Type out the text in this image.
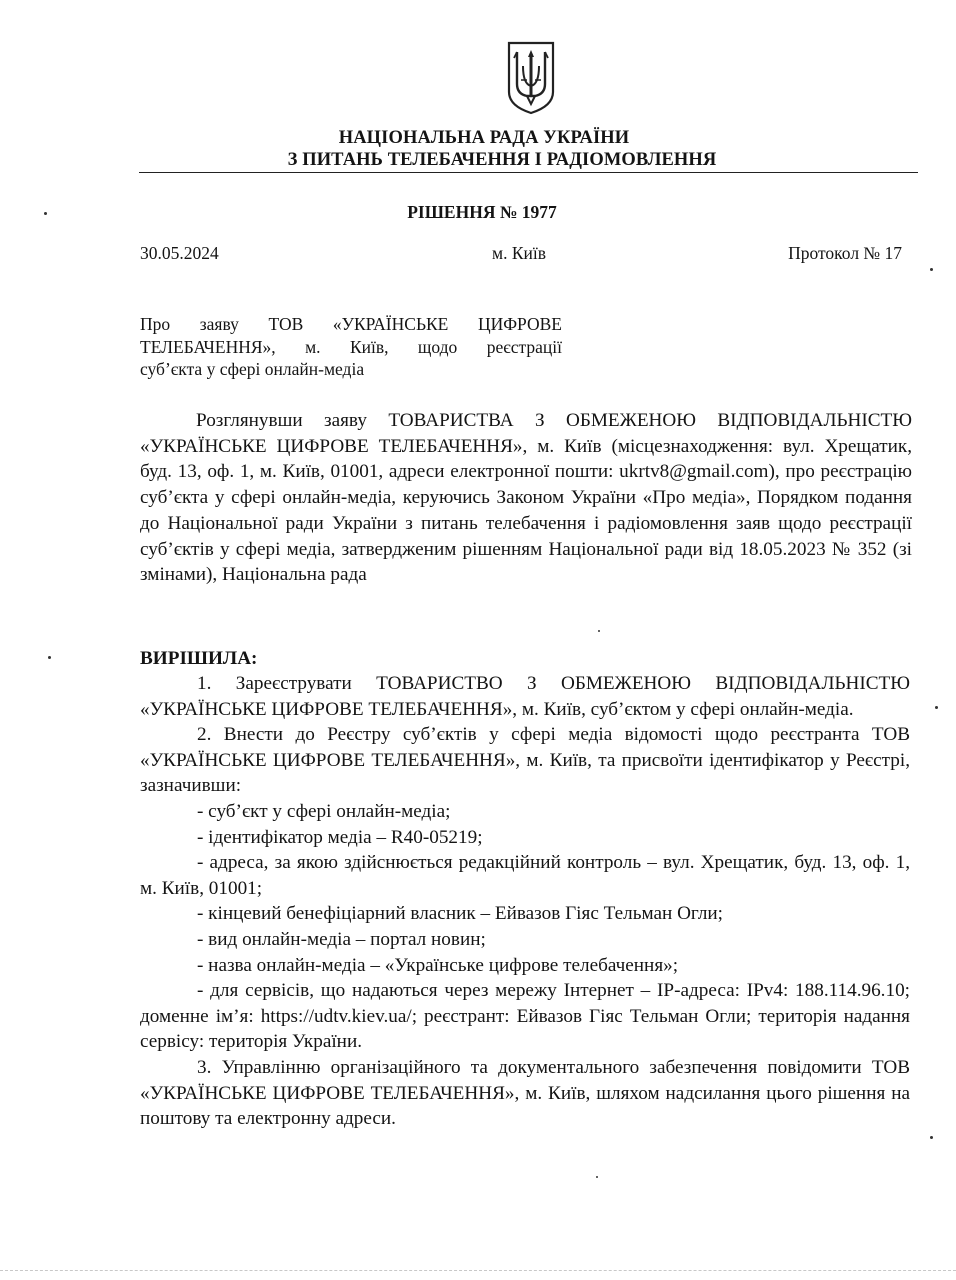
НАЦІОНАЛЬНА РАДА УКРАЇНИ
З ПИТАНЬ ТЕЛЕБАЧЕННЯ І РАДІОМОВЛЕННЯ
РІШЕННЯ № 1977
30.05.2024	м. Київ	Протокол № 17
Про заяву ТОВ «УКРАЇНСЬКЕ ЦИФРОВЕ
ТЕЛЕБАЧЕННЯ», м. Київ, щодо реєстрації
суб’єкта у сфері онлайн-медіа

Розглянувши заяву ТОВАРИСТВА З ОБМЕЖЕНОЮ ВІДПОВІДАЛЬНІСТЮ «УКРАЇНСЬКЕ ЦИФРОВЕ ТЕЛЕБАЧЕННЯ», м. Київ (місцезнаходження: вул. Хрещатик, буд. 13, оф. 1, м. Київ, 01001, адреси електронної пошти: ukrtv8@gmail.com), про реєстрацію суб’єкта у сфері онлайн-медіа, керуючись Законом України «Про медіа», Порядком подання до Національної ради України з питань телебачення і радіомовлення заяв щодо реєстрації суб’єктів у сфері медіа, затвердженим рішенням Національної ради від 18.05.2023 № 352 (зі змінами), Національна рада

ВИРІШИЛА:

1. Зареєструвати ТОВАРИСТВО З ОБМЕЖЕНОЮ ВІДПОВІДАЛЬНІСТЮ «УКРАЇНСЬКЕ ЦИФРОВЕ ТЕЛЕБАЧЕННЯ», м. Київ, суб’єктом у сфері онлайн-медіа.

2. Внести до Реєстру суб’єктів у сфері медіа відомості щодо реєстранта ТОВ «УКРАЇНСЬКЕ ЦИФРОВЕ ТЕЛЕБАЧЕННЯ», м. Київ, та присвоїти ідентифікатор у Реєстрі, зазначивши:

- суб’єкт у сфері онлайн-медіа;

- ідентифікатор медіа – R40-05219;

- адреса, за якою здійснюється редакційний контроль – вул. Хрещатик, буд. 13, оф. 1, м. Київ, 01001;

- кінцевий бенефіціарний власник – Ейвазов Гіяс Тельман Огли;

- вид онлайн-медіа – портал новин;

- назва онлайн-медіа – «Українське цифрове телебачення»;

- для сервісів, що надаються через мережу Інтернет – IP-адреса: IPv4: 188.114.96.10; доменне ім’я: https://udtv.kiev.ua/; реєстрант: Ейвазов Гіяс Тельман Огли; територія надання сервісу: територія України.

3. Управлінню організаційного та документального забезпечення повідомити ТОВ «УКРАЇНСЬКЕ ЦИФРОВЕ ТЕЛЕБАЧЕННЯ», м. Київ, шляхом надсилання цього рішення на поштову та електронну адреси.
